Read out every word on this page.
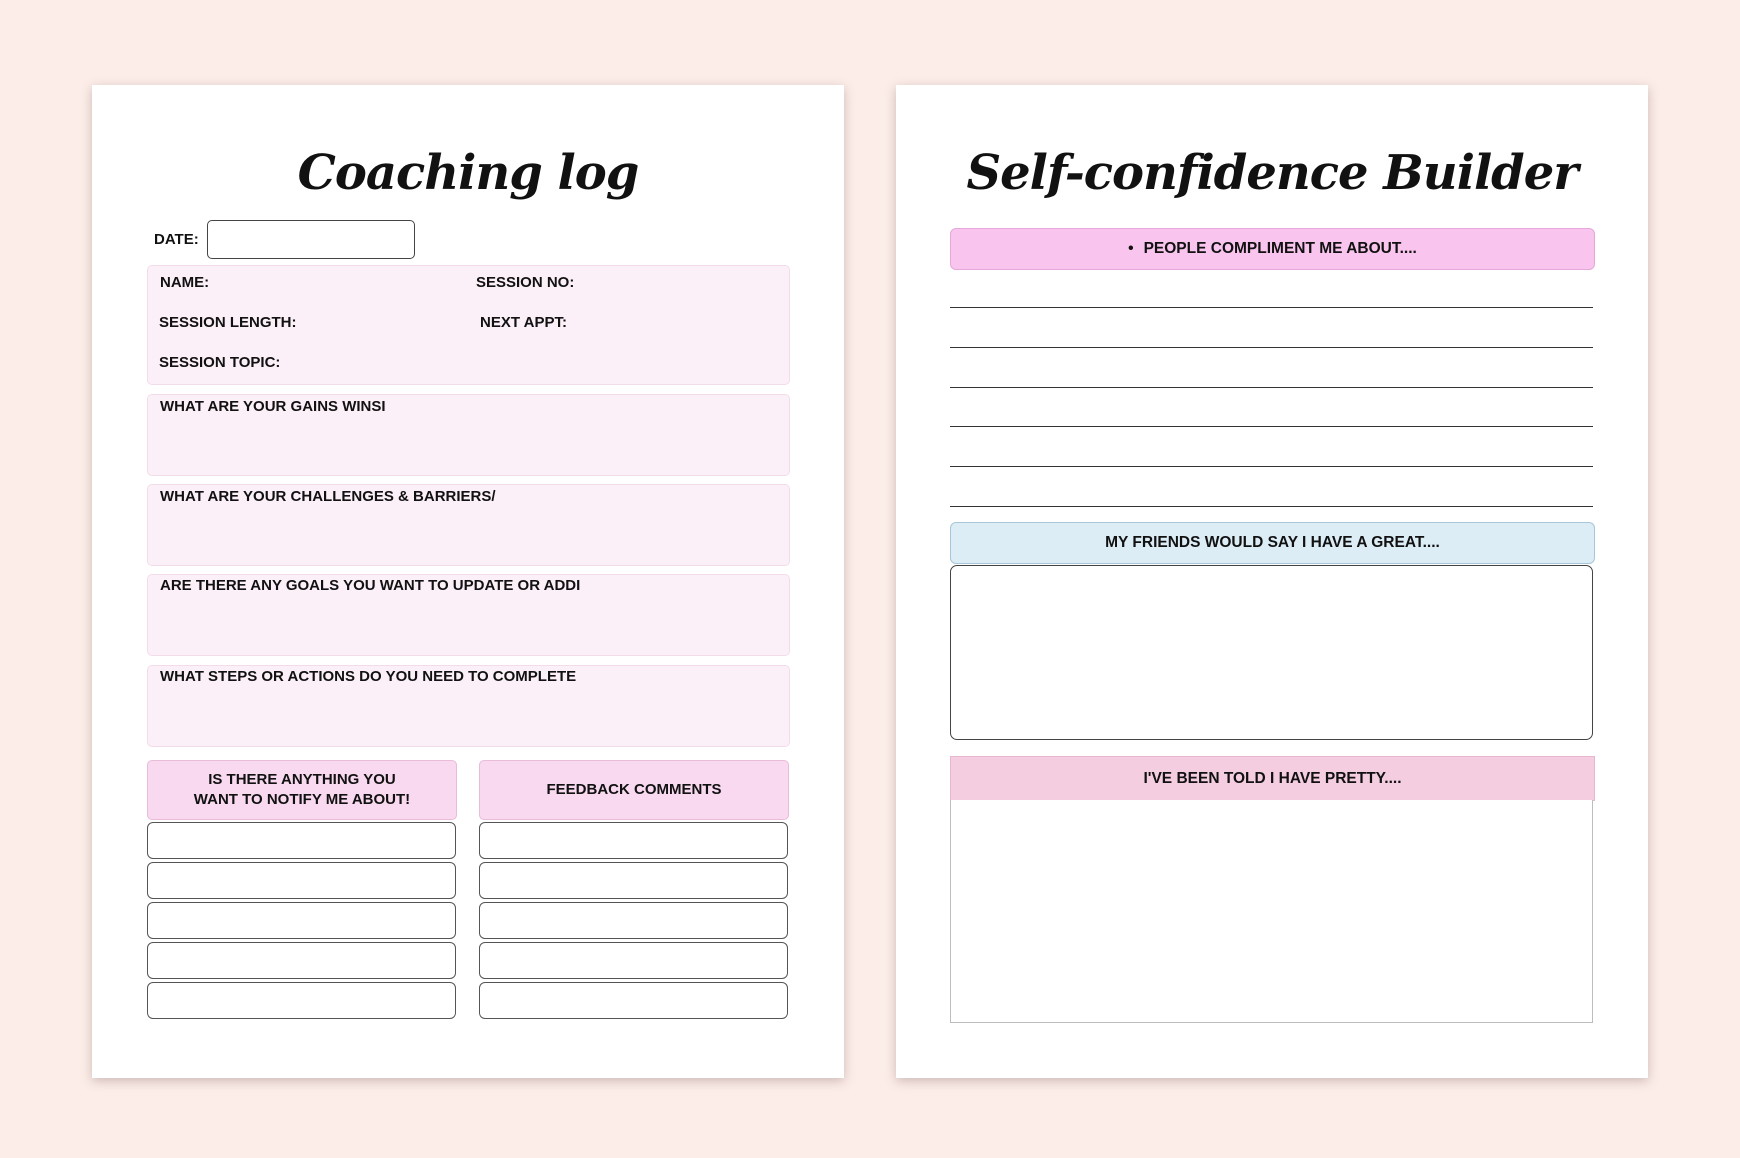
Coaching log
DATE:
NAME:	SESSION NO:
SESSION LENGTH:	NEXT APPT:
SESSION TOPIC:
WHAT ARE YOUR GAINS WINSI
WHAT ARE YOUR CHALLENGES & BARRIERS/
ARE THERE ANY GOALS YOU WANT TO UPDATE OR ADDI
WHAT STEPS OR ACTIONS DO YOU NEED TO COMPLETE
IS THERE ANYTHING YOU
WANT TO NOTIFY ME ABOUT!
FEEDBACK COMMENTS
Self-confidence Builder
• PEOPLE COMPLIMENT ME ABOUT....
MY FRIENDS WOULD SAY I HAVE A GREAT....
I'VE BEEN TOLD I HAVE PRETTY....
